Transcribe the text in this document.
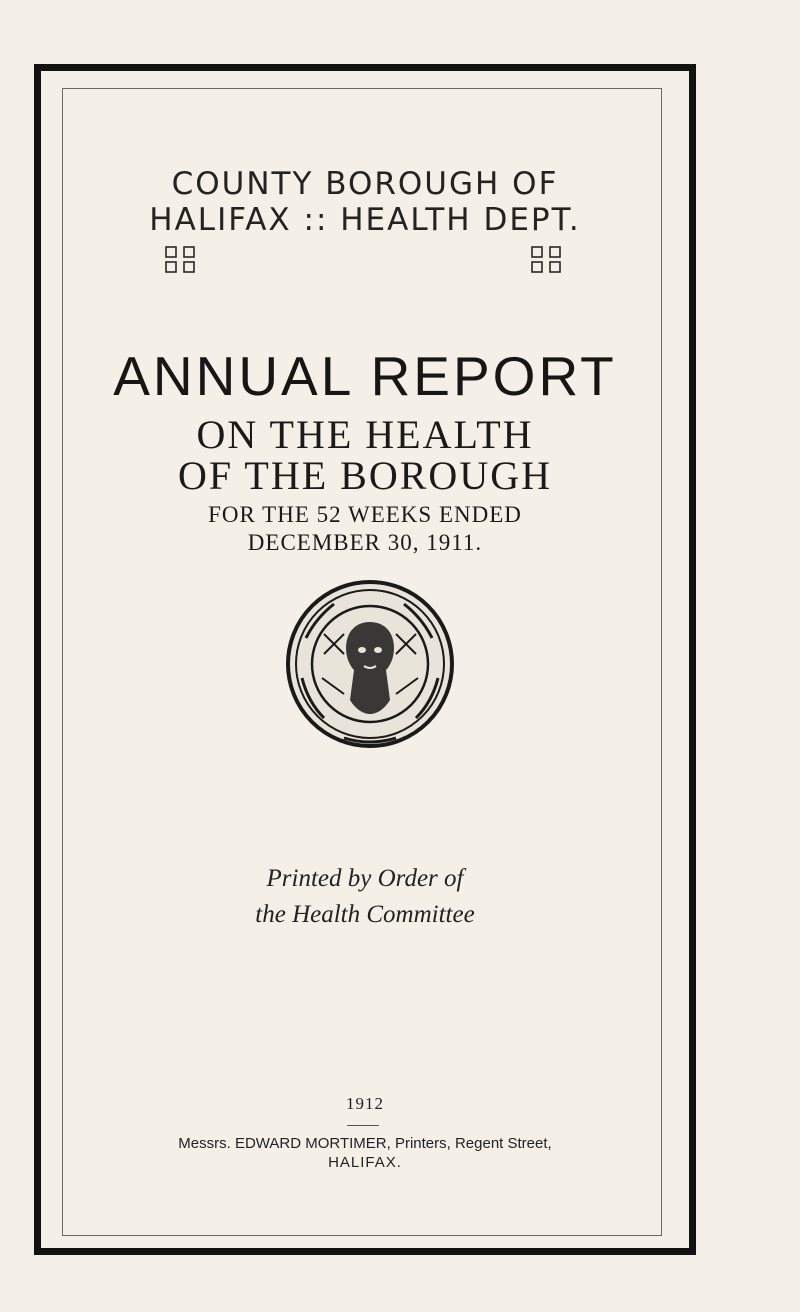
COUNTY BOROUGH OF
HALIFAX :: HEALTH DEPT.
ANNUAL REPORT
ON THE HEALTH
OF THE BOROUGH
FOR THE 52 WEEKS ENDED
DECEMBER 30, 1911.
Printed by Order of
the Health Committee
1912
Messrs. EDWARD MORTIMER, Printers, Regent Street,
HALIFAX.
